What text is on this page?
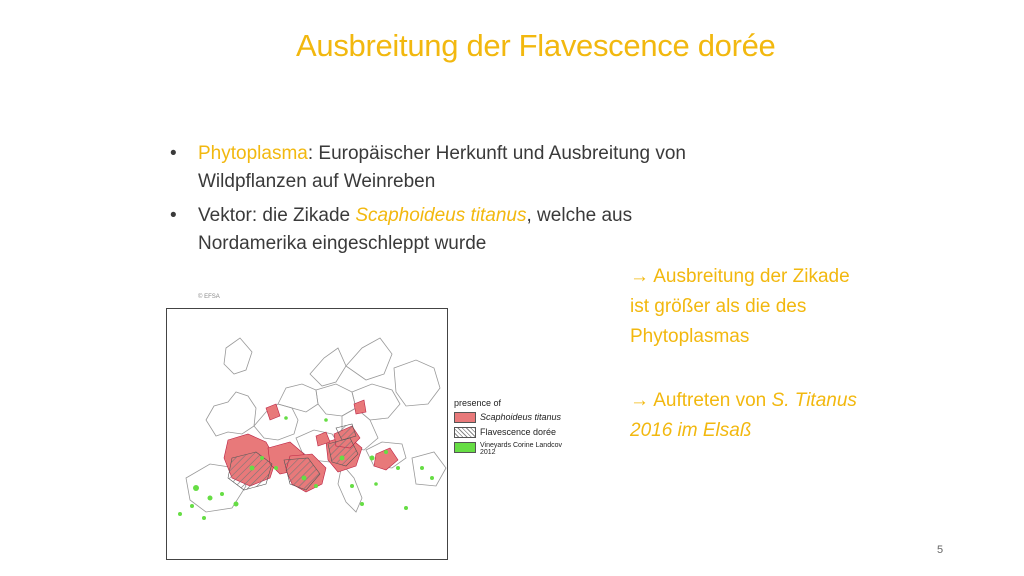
Ausbreitung der Flavescence dorée
• Phytoplasma: Europäischer Herkunft und Ausbreitung von Wildpflanzen auf Weinreben
• Vektor: die Zikade Scaphoideus titanus, welche aus Nordamerika eingeschleppt wurde
→ Ausbreitung der Zikade ist größer als die des Phytoplasmas
→ Auftreten von S. Titanus 2016 im Elsaß
© EFSA
presence of
Scaphoideus titanus
Flavescence dorée
Vineyards Corine Landcov 2012
5
